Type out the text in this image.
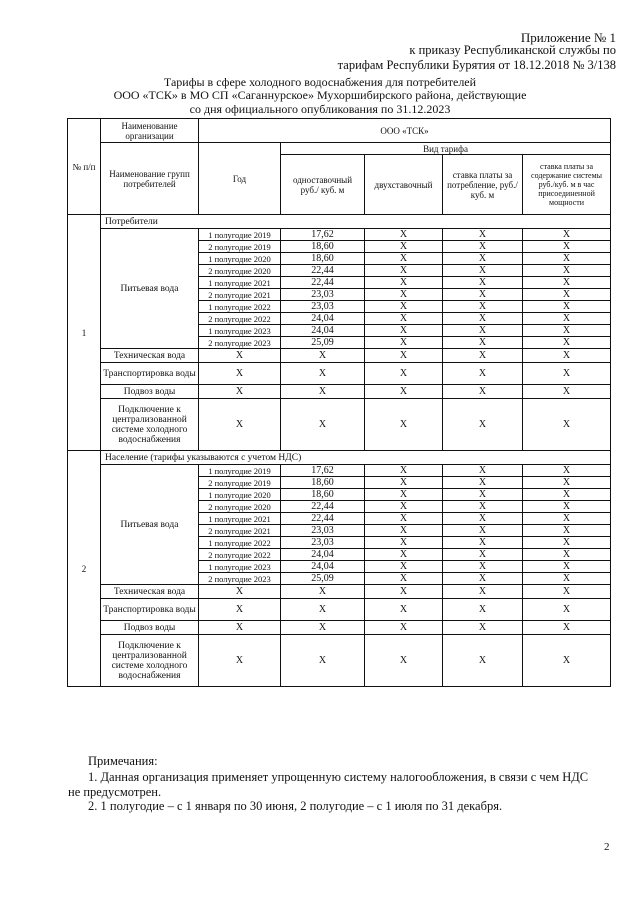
Приложение № 1
к приказу Республиканской службы по
тарифам Республики Бурятия от 18.12.2018 № 3/138
Тарифы в сфере холодного водоснабжения для потребителей
ООО «ТСК» в МО СП «Саганнурское» Мухоршибирского района, действующие
со дня официального опубликования по 31.12.2023
№ п/п	Наименование организации	ООО «ТСК»				
	Наименование групп потребителей	Год	Вид тарифа			
			одноставочный руб./ куб. м	двухставочный	ставка платы за потребление, руб./ куб. м	ставка платы за содержание системы руб./куб. м в час присоединенной мощности
1	Потребители					
	Питьевая вода	1 полугодие 2019	17,62	X	X	X
		2 полугодие 2019	18,60	X	X	X
		1 полугодие 2020	18,60	X	X	X
		2 полугодие 2020	22,44	X	X	X
		1 полугодие 2021	22,44	X	X	X
		2 полугодие 2021	23,03	X	X	X
		1 полугодие 2022	23,03	X	X	X
		2 полугодие 2022	24,04	X	X	X
		1 полугодие 2023	24,04	X	X	X
		2 полугодие 2023	25,09	X	X	X
	Техническая вода	X	X	X	X	X
	Транспортировка воды	X	X	X	X	X
	Подвоз воды	X	X	X	X	X
	Подключение к централизованной системе холодного водоснабжения	X	X	X	X	X
2	Население (тарифы указываются с учетом НДС)					
	Питьевая вода	1 полугодие 2019	17,62	X	X	X
		2 полугодие 2019	18,60	X	X	X
		1 полугодие 2020	18,60	X	X	X
		2 полугодие 2020	22,44	X	X	X
		1 полугодие 2021	22,44	X	X	X
		2 полугодие 2021	23,03	X	X	X
		1 полугодие 2022	23,03	X	X	X
		2 полугодие 2022	24,04	X	X	X
		1 полугодие 2023	24,04	X	X	X
		2 полугодие 2023	25,09	X	X	X
	Техническая вода	X	X	X	X	X
	Транспортировка воды	X	X	X	X	X
	Подвоз воды	X	X	X	X	X
	Подключение к централизованной системе холодного водоснабжения	X	X	X	X	X
Примечания:
1. Данная организация применяет упрощенную систему налогообложения, в связи с чем НДС
не предусмотрен.
2. 1 полугодие – с 1 января по 30 июня, 2 полугодие – с 1 июля по 31 декабря.
2
